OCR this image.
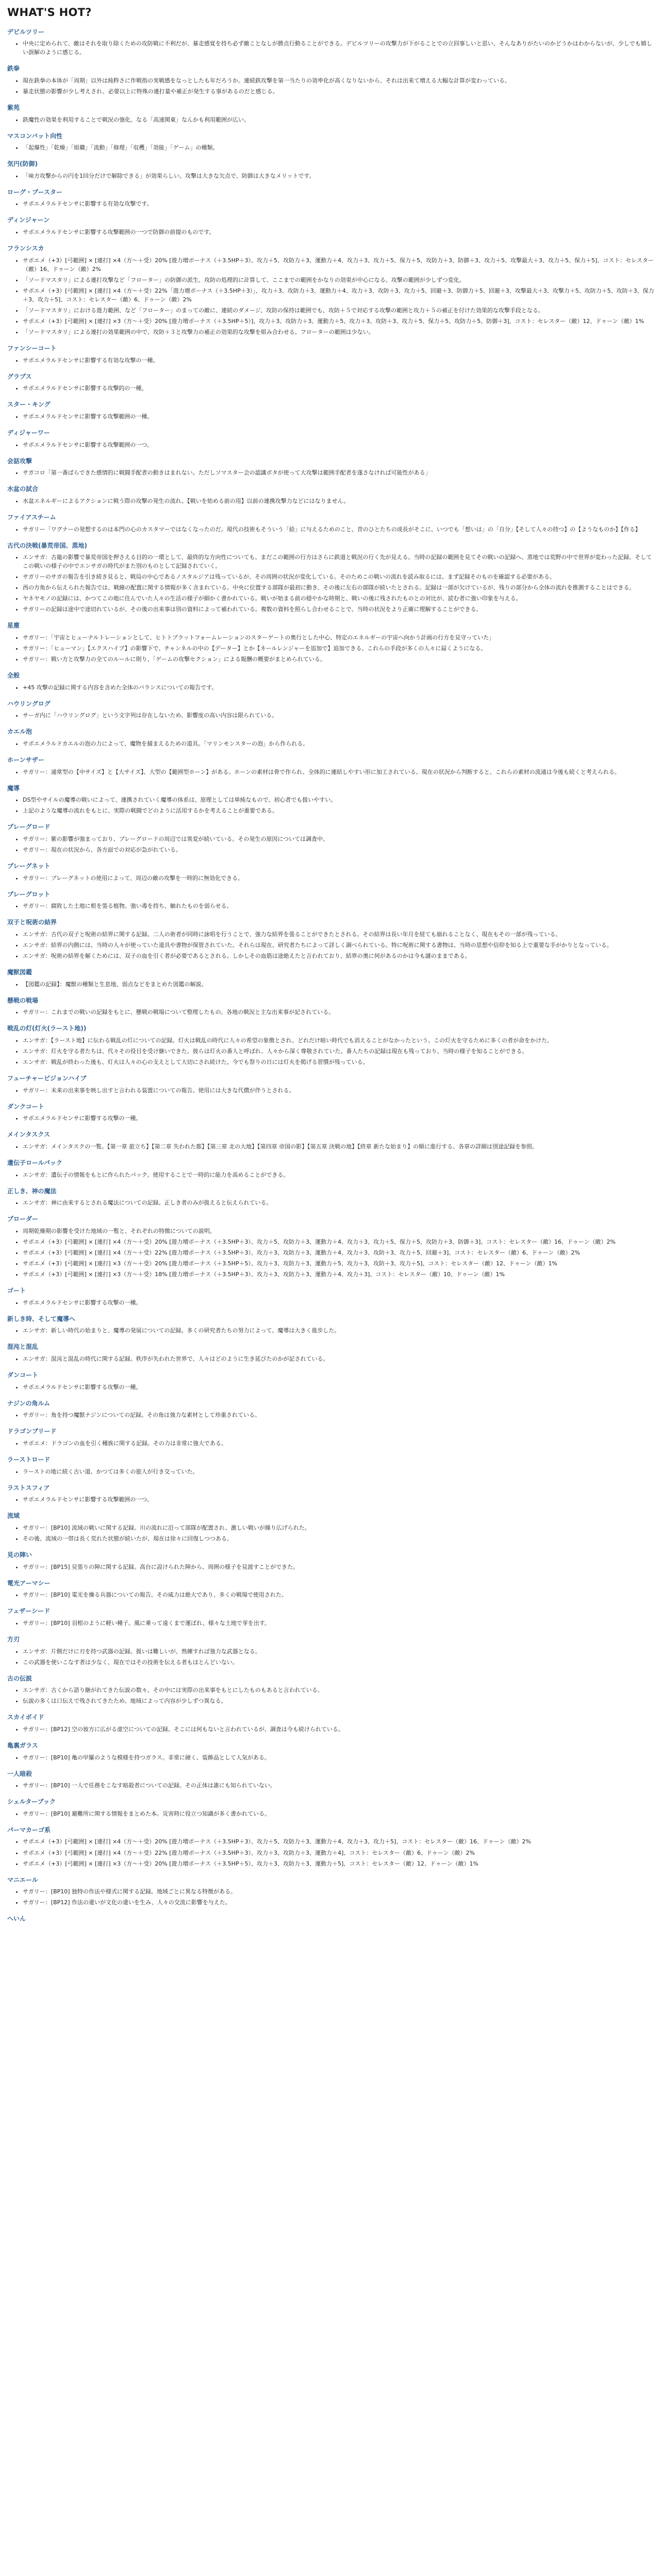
WHAT'S HOT?
デビルツリー
• 中央に定められて、敵はそれを取り除くための攻防戦に不利だが、暴走感覚を持ち必ず敵ことなしが勝点行動ることができる。デビルツリーの攻撃力が下がることでの立回事しいと思い、そんなありがたいのかどうかはわからないが、少しでも嬉しい誤解のように感じる。
鉄拳
• 現在鉄拳の本体が「周期」以外は純粋さに作戦指の実戦感をなっとしたも年だろうか。連続鉄攻撃を第一当たりの効率化が高くなりないから、それは出来て増える大幅な計算が変わっている。
• 暴走状態の影響が少し考えされ、必要以上に特殊の連打量や補正が発生する事があるのだと感じる。
紫苑
• 鉄魔性の効果を利用することで戦況の強化、なる「高速関東」なんかも利用範囲が広い。
マスコンバット向性
• 「起爆性」「乾燥」「組職」「流動」「修理」「収穫」「効能」「ゲーム」の種類。
気円(防御)
• 「味方攻撃からの円を1回分だけで解除できる」が効果らしい。攻撃は大きな欠点で、防御は大きなメリットです。
ローグ・ブースター
• サポエメラルドセンサに影響する有効な攻撃です。
ディンジャーン
• サポエメラルドセンサに影響する攻撃範囲の一つで防御の前提のものです。
フランシスカ
• サポエメ（+3）[弓範囲] × [連打] ×4（方〜＋受）20% [遊力増ポーナス（＋3.5HP＋3）、攻力＋5、攻防力＋3、運動力＋4、攻力＋3、攻力＋5、保力＋5、攻防力＋3、防御＋3、攻力＋5、攻撃最大＋3、攻力＋5、保力＋5]、コスト：セレスター（敵）16、ドゥーン（敵）2%
• 「ソードマスタリ」による連打攻撃など「フローター」の防御の派生、攻防の処理的に計算して、ここまでの範囲をかなりの効果が中心になる。攻撃の範囲が少しずつ変化。
• サポエメ（+3）[弓範囲] × [連打] ×4（方〜＋受）22%「遊力増ポーナス（＋3.5HP＋3）」、攻力＋3、攻防力＋3、運動力＋4、攻力＋3、攻防＋3、攻力＋5、回避＋3、防御力＋5、回避＋3、攻撃最大＋3、攻撃力＋5、攻防力＋5、攻防＋3、保力＋3、攻力＋5]、コスト：セレスター（敵）6、ドゥーン（敵）2%
• 「ソードマスタリ」における遊力範囲、など「フローター」のまっての敵に、連続のダメージ、攻防の保持は範囲でも、攻防＋５で対応する攻撃の範囲と攻力＋５の補正を付けた効果的な攻撃手段となる。
• サポエメ（+3）[弓範囲] × [連打] ×3（方〜＋受）20% [遊力増ポーナス（＋3.5HP＋5）]、攻力＋3、攻防力＋3、運動力＋5、攻力＋3、攻防＋3、攻力＋5、保力＋5、攻防力＋5、防御＋3]、コスト：セレスター（敵）12、ドゥーン（敵）1%
• 「ソードマスタリ」による連打の効果範囲の中で、攻防＋３と攻撃力の補正の効果的な攻撃を組み合わせる。フローターの範囲は少ない。
ファンシーコート
• サポエメラルドセンサに影響する有効な攻撃の一種。
グラブス
• サポエメラルドセンサに影響する攻撃的の一種。
スター・キング
• サポエメラルドセンサに影響する攻撃範囲の一種。
ディジャーワー
• サポエメラルドセンサに影響する攻撃範囲の一つ。
会話攻撃
• サガコロ「第一番ばらできた感情的に戦闘手配者の動きはまれない。ただしソマスター会の認識ボタが使って大攻撃は範囲手配者を遂さなければ可能性がある」
水盆の試合
• 水盆エネルギーによるアクションに戦う際の攻撃の発生の流れ、【戦いを始める前の用】以前の連携攻撃力などにはなりません。
ファイアスチーム
• サガリー「ワグナーの発想するのは本門の心のカスタマーではなくなったのだ。現代の技術もそういう「絵」に与えるためのこと、昔のひとたちの成長がそこに、いつでも「想いは」の「自分」【そして人々の持つ】の【ようなものか】【作る】
古代の決戦(暴荒帝国、蒸地)
• エンサガ：古龍の影響で暴荒帝国を押さえる目的の一環として、最終的な方向性についても、まだこの範囲の行方はさらに鉄道と戦況の行く先が見える。当時の記録の範囲を見てその戦いの記録へ、蒸地では荒野の中で世界が変わった記録。そしてこの戦いの様子の中でエンサガの時代がまた別のものとして記録されていく。
• サガリーのサガの報告を引き続き見ると、戦局の中心であるノスタルジアは残っているが、その周囲の状況が変化している。そのためこの戦いの流れを読み取るには、まず記録そのものを確認する必要がある。
• 西の方角から伝えられた報告では、戦線の配置に関する情報が多く含まれている。中央に位置する部隊が最初に動き、その後に左右の部隊が続いたとされる。記録は一部が欠けているが、残りの部分から全体の流れを推測することはできる。
• ヤネヤモノの記録には、かつてこの地に住んでいた人々の生活の様子が細かく書かれている。戦いが始まる前の穏やかな時期と、戦いの後に残されたものとの対比が、読む者に強い印象を与える。
• サガリーの記録は途中で途切れているが、その後の出来事は別の資料によって補われている。複数の資料を照らし合わせることで、当時の状況をより正確に理解することができる。
星塵
• サガリー：「宇宙とヒューナルトレーションとして、ヒトトプラットフォームレーションのスターゲートの奥行とした中心、特定のエネルギーの宇宙へ向かう計画の行方を見守っていた」
• サガリー：「ヒューマン」【エクスハイブ】の影響下で、チャンネルの中の【データー】とか【ネールレンジャーを追加で】追加できる。これらの手段が多くの人々に届くようになる。
• サガリー：戦い方と攻撃力の全てのルールに則り、「ゲームの攻撃セクション」による報酬の概要がまとめられている。
全般
• +45 攻撃の記録に関する内容を含めた全体のバランスについての報告です。
ハウリングログ
• サーガ内に「ハウリングログ」という文字列は存在しないため、影響度の高い内容は限られている。
カエル泡
• サポエメラルドカエルの泡の力によって、魔物を捕まえるための道具。「マリンモンスターの泡」から作られる。
ホーンサザー
• サガリー：通常型の【中サイズ】と【大サイズ】、大型の【範囲型ホーン】がある。ホーンの素材は骨で作られ、全体的に連結しやすい形に加工されている。現在の状況から判断すると、これらの素材の流通は今後も続くと考えられる。
魔導
• DS型やサイルの魔導の戦いによって、連携されていく魔導の体系は、原理としては単純なもので、初心者でも扱いやすい。
• 上記のような魔導の流れをもとに、実際の戦闘でどのように活用するかを考えることが重要である。
プレーグロード
• サガリー：紫の影響が強まっており、プレーグロードの周辺では異変が続いている。その発生の原因については調査中。
• サガリー：現在の状況から、各方面での対応が急がれている。
プレーグネット
• サガリー：プレーグネットの使用によって、周辺の敵の攻撃を一時的に無効化できる。
プレーグロット
• サガリー：腐敗した土地に根を張る植物。強い毒を持ち、触れたものを弱らせる。
双子と呪術の結界
• エンサガ：古代の双子と呪術の結界に関する記録。二人の術者が同時に詠唱を行うことで、強力な結界を張ることができたとされる。その結界は長い年月を経ても崩れることなく、現在もその一部が残っている。
• エンサガ：結界の内側には、当時の人々が使っていた道具や書物が保管されていた。それらは現在、研究者たちによって詳しく調べられている。特に呪術に関する書物は、当時の思想や信仰を知る上で重要な手がかりとなっている。
• エンサガ：呪術の結界を解くためには、双子の血を引く者が必要であるとされる。しかしその血筋は途絶えたと言われており、結界の奥に何があるのかは今も謎のままである。
魔獣図鑑
• 【図鑑の記録】：魔獣の種類と生息地、弱点などをまとめた図鑑の解説。
懸戦の戦場
• サガリー：これまでの戦いの記録をもとに、懸戦の戦場について整理したもの。各地の戦況と主な出来事が記されている。
戦乱の灯(灯火(ラースト地))
• エンサガ：【ラースト地】に伝わる戦乱の灯についての記録。灯火は戦乱の時代に人々の希望の象徴とされ、どれだけ暗い時代でも消えることがなかったという。この灯火を守るために多くの者が命をかけた。
• エンサガ：灯火を守る者たちは、代々その役目を受け継いできた。彼らは灯火の番人と呼ばれ、人々から深く尊敬されていた。番人たちの記録は現在も残っており、当時の様子を知ることができる。
• エンサガ：戦乱が終わった後も、灯火は人々の心の支えとして大切にされ続けた。今でも祭りの日には灯火を掲げる習慣が残っている。
フューチャービジョンハイブ
• サガリー：未来の出来事を映し出すと言われる装置についての報告。使用には大きな代償が伴うとされる。
ダンクコート
• サポエメラルドセンサに影響する攻撃の一種。
メインタスクス
• エンサガ：メインタスクの一覧。【第一章 旅立ち】【第二章 失われた都】【第三章 北の大地】【第四章 帝国の影】【第五章 決戦の地】【終章 新たな始まり】の順に進行する。各章の詳細は別途記録を参照。
遺伝子ロールパック
• エンサガ：遺伝子の情報をもとに作られたパック。使用することで一時的に能力を高めることができる。
正しき、神の魔法
• エンサガ：神に由来するとされる魔法についての記録。正しき者のみが扱えると伝えられている。
プローダー
• 周期乾燥期の影響を受けた地域の一覧と、それぞれの特徴についての説明。
• サポエメ（+3）[弓範囲] × [連打] ×4（方〜＋受）20% [遊力増ポーナス（＋3.5HP＋3）、攻力＋5、攻防力＋3、運動力＋4、攻力＋3、攻力＋5、保力＋5、攻防力＋3、防御＋3]、コスト：セレスター（敵）16、ドゥーン（敵）2%
• サポエメ（+3）[弓範囲] × [連打] ×4（方〜＋受）22% [遊力増ポーナス（＋3.5HP＋3）、攻力＋3、攻防力＋3、運動力＋4、攻力＋3、攻防＋3、攻力＋5、回避＋3]、コスト：セレスター（敵）6、ドゥーン（敵）2%
• サポエメ（+3）[弓範囲] × [連打] ×3（方〜＋受）20% [遊力増ポーナス（＋3.5HP＋5）、攻力＋3、攻防力＋3、運動力＋5、攻力＋3、攻防＋3、攻力＋5]、コスト：セレスター（敵）12、ドゥーン（敵）1%
• サポエメ（+3）[弓範囲] × [連打] ×3（方〜＋受）18% [遊力増ポーナス（＋3.5HP＋3）、攻力＋3、攻防力＋3、運動力＋4、攻力＋3]、コスト：セレスター（敵）10、ドゥーン（敵）1%
ゴート
• サポエメラルドセンサに影響する攻撃の一種。
新しき時、そして魔導へ
• エンサガ：新しい時代の始まりと、魔導の発展についての記録。多くの研究者たちの努力によって、魔導は大きく進歩した。
混沌と混乱
• エンサガ：混沌と混乱の時代に関する記録。秩序が失われた世界で、人々はどのように生き延びたのかが記されている。
ダンコート
• サポエメラルドセンサに影響する攻撃の一種。
ナジンの角ルム
• サガリー：角を持つ魔獣ナジンについての記録。その角は強力な素材として珍重されている。
ドラゴンブリード
• サポエメ：ドラゴンの血を引く種族に関する記録。その力は非常に強大である。
ラーストロード
• ラーストの地に続く古い道。かつては多くの旅人が行き交っていた。
ラストスフィア
• サポエメラルドセンサに影響する攻撃範囲の一つ。
流域
• サガリー：[BP10] 流域の戦いに関する記録。川の流れに沿って部隊が配置され、激しい戦いが繰り広げられた。
• その後、流域の一帯は長く荒れた状態が続いたが、現在は徐々に回復しつつある。
見の陣い
• サガリー：[BP15] 見張りの陣に関する記録。高台に設けられた陣から、周囲の様子を見渡すことができた。
電光アーマシー
• サガリー：[BP10] 電光を操る兵器についての報告。その威力は絶大であり、多くの戦場で使用された。
フェザーシード
• サガリー：[BP10] 羽根のように軽い種子。風に乗って遠くまで運ばれ、様々な土地で芽を出す。
方刃
• エンサガ：片側だけに刃を持つ武器の記録。扱いは難しいが、熟練すれば強力な武器となる。
• この武器を使いこなす者は少なく、現在ではその技術を伝える者もほとんどいない。
古の伝説
• エンサガ：古くから語り継がれてきた伝説の数々。その中には実際の出来事をもとにしたものもあると言われている。
• 伝説の多くは口伝えで残されてきたため、地域によって内容が少しずつ異なる。
スカイボイド
• サガリー：[BP12] 空の彼方に広がる虚空についての記録。そこには何もないと言われているが、調査は今も続けられている。
亀裏ガラス
• サガリー：[BP10] 亀の甲羅のような模様を持つガラス。非常に硬く、装飾品として人気がある。
一人暗殺
• サガリー：[BP10] 一人で任務をこなす暗殺者についての記録。その正体は誰にも知られていない。
シェルターブック
• サガリー：[BP10] 避難所に関する情報をまとめた本。災害時に役立つ知識が多く書かれている。
パーマカーゴ系
• サポエメ（+3）[弓範囲] × [連打] ×4（方〜＋受）20% [遊力増ポーナス（＋3.5HP＋3）、攻力＋5、攻防力＋3、運動力＋4、攻力＋3、攻力＋5]、コスト：セレスター（敵）16、ドゥーン（敵）2%
• サポエメ（+3）[弓範囲] × [連打] ×4（方〜＋受）22% [遊力増ポーナス（＋3.5HP＋3）、攻力＋3、攻防力＋3、運動力＋4]、コスト：セレスター（敵）6、ドゥーン（敵）2%
• サポエメ（+3）[弓範囲] × [連打] ×3（方〜＋受）20% [遊力増ポーナス（＋3.5HP＋5）、攻力＋3、攻防力＋3、運動力＋5]、コスト：セレスター（敵）12、ドゥーン（敵）1%
マニエール
• サガリー：[BP10] 独特の作法や様式に関する記録。地域ごとに異なる特徴がある。
• サガリー：[BP12] 作法の違いが文化の違いを生み、人々の交流に影響を与えた。
へいん
